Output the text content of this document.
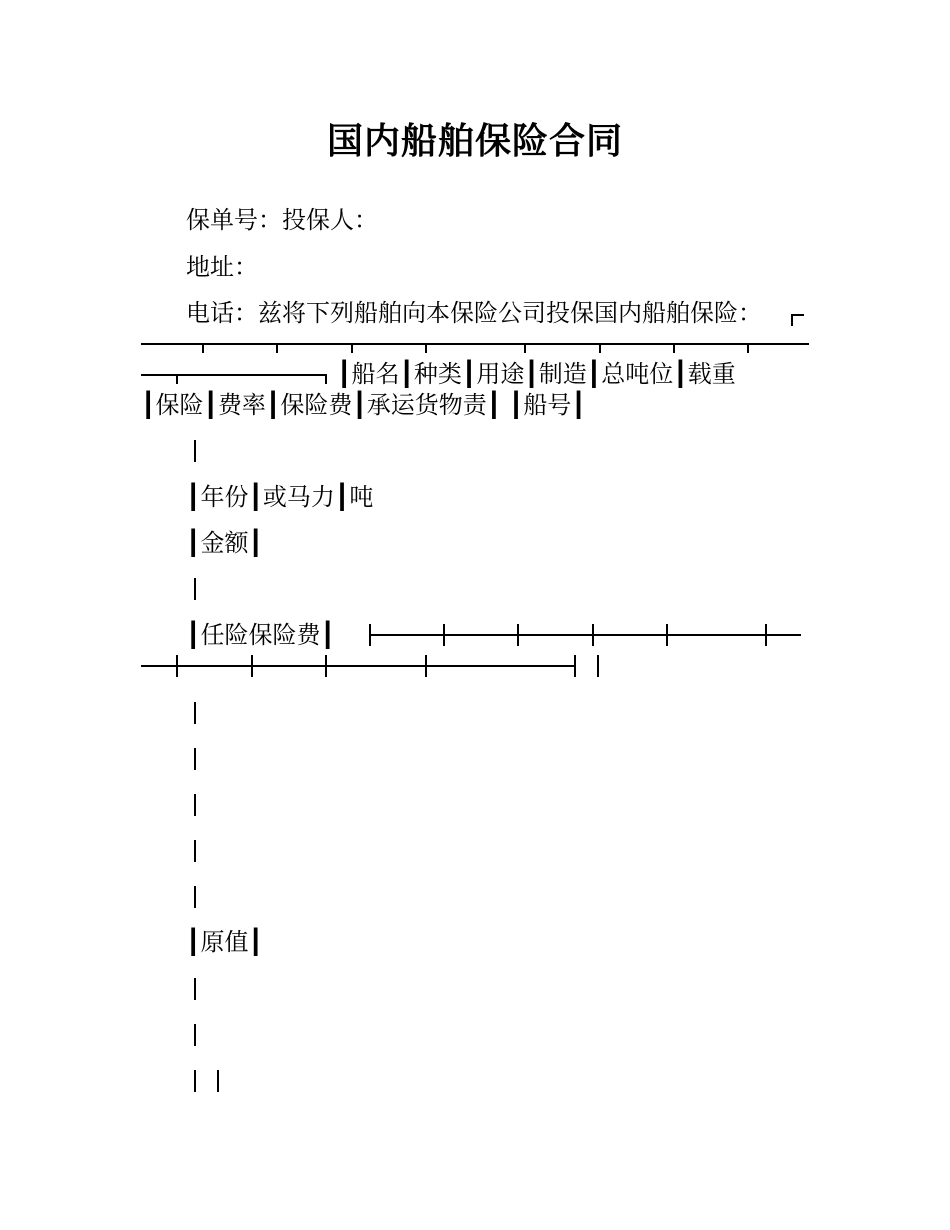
国内船舶保险合同
保单号：投保人：
地址：
电话：兹将下列船舶向本保险公司投保国内船舶保险：
┃船名┃种类┃用途┃制造┃总吨位┃载重
┃保险┃费率┃保险费┃承运货物责┃ ┃船号┃
┃年份┃或马力┃吨
┃金额┃
┃任险保险费┃
┃原值┃
